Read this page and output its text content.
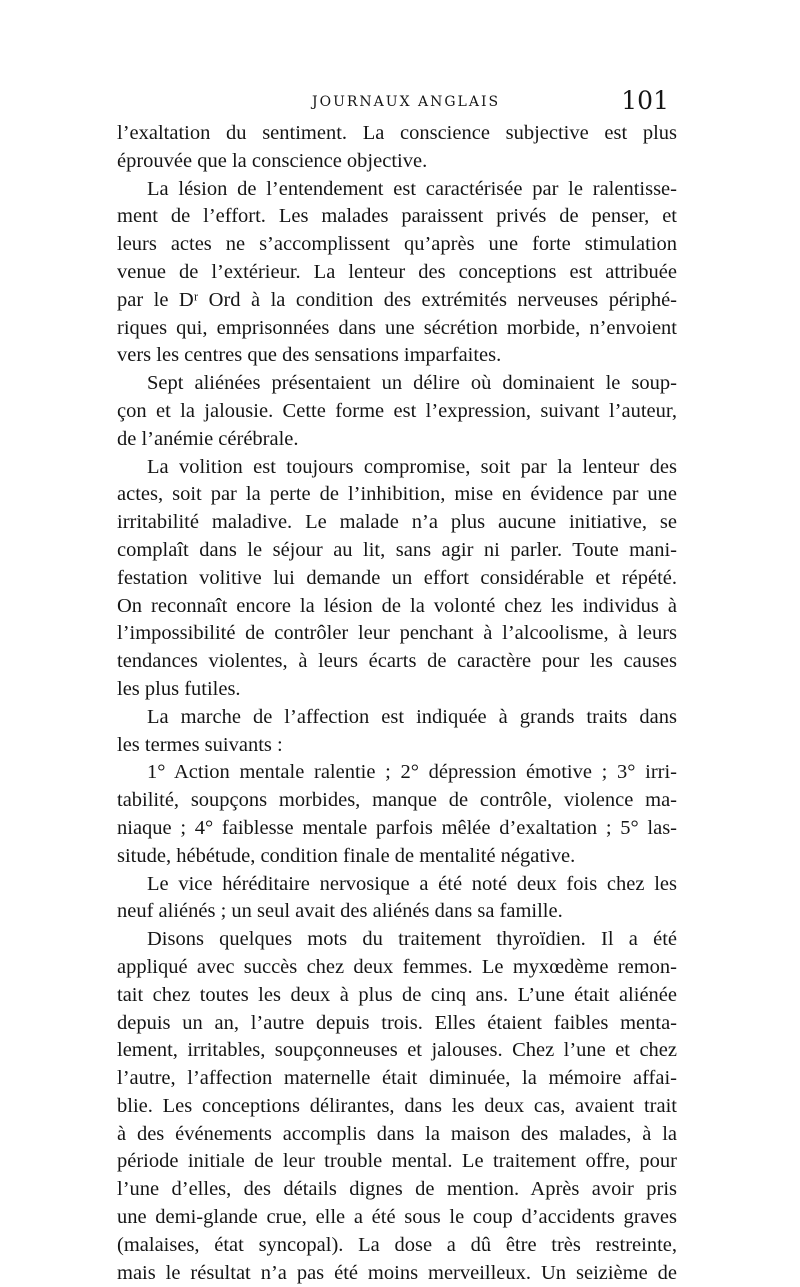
JOURNAUX ANGLAIS	101
l’exaltation du sentiment. La conscience subjective est plus
éprouvée que la conscience objective.
La lésion de l’entendement est caractérisée par le ralentisse-
ment de l’effort. Les malades paraissent privés de penser, et
leurs actes ne s’accomplissent qu’après une forte stimulation
venue de l’extérieur. La lenteur des conceptions est attribuée
par le Dʳ Ord à la condition des extrémités nerveuses périphé-
riques qui, emprisonnées dans une sécrétion morbide, n’envoient
vers les centres que des sensations imparfaites.
Sept aliénées présentaient un délire où dominaient le soup-
çon et la jalousie. Cette forme est l’expression, suivant l’auteur,
de l’anémie cérébrale.
La volition est toujours compromise, soit par la lenteur des
actes, soit par la perte de l’inhibition, mise en évidence par une
irritabilité maladive. Le malade n’a plus aucune initiative, se
complaît dans le séjour au lit, sans agir ni parler. Toute mani-
festation volitive lui demande un effort considérable et répété.
On reconnaît encore la lésion de la volonté chez les individus à
l’impossibilité de contrôler leur penchant à l’alcoolisme, à leurs
tendances violentes, à leurs écarts de caractère pour les causes
les plus futiles.
La marche de l’affection est indiquée à grands traits dans
les termes suivants :
1° Action mentale ralentie ; 2° dépression émotive ; 3° irri-
tabilité, soupçons morbides, manque de contrôle, violence ma-
niaque ; 4° faiblesse mentale parfois mêlée d’exaltation ; 5° las-
situde, hébétude, condition finale de mentalité négative.
Le vice héréditaire nervosique a été noté deux fois chez les
neuf aliénés ; un seul avait des aliénés dans sa famille.
Disons quelques mots du traitement thyroïdien. Il a été
appliqué avec succès chez deux femmes. Le myxœdème remon-
tait chez toutes les deux à plus de cinq ans. L’une était aliénée
depuis un an, l’autre depuis trois. Elles étaient faibles menta-
lement, irritables, soupçonneuses et jalouses. Chez l’une et chez
l’autre, l’affection maternelle était diminuée, la mémoire affai-
blie. Les conceptions délirantes, dans les deux cas, avaient trait
à des événements accomplis dans la maison des malades, à la
période initiale de leur trouble mental. Le traitement offre, pour
l’une d’elles, des détails dignes de mention. Après avoir pris
une demi-glande crue, elle a été sous le coup d’accidents graves
(malaises, état syncopal). La dose a dû être très restreinte,
mais le résultat n’a pas été moins merveilleux. Un seizième de
